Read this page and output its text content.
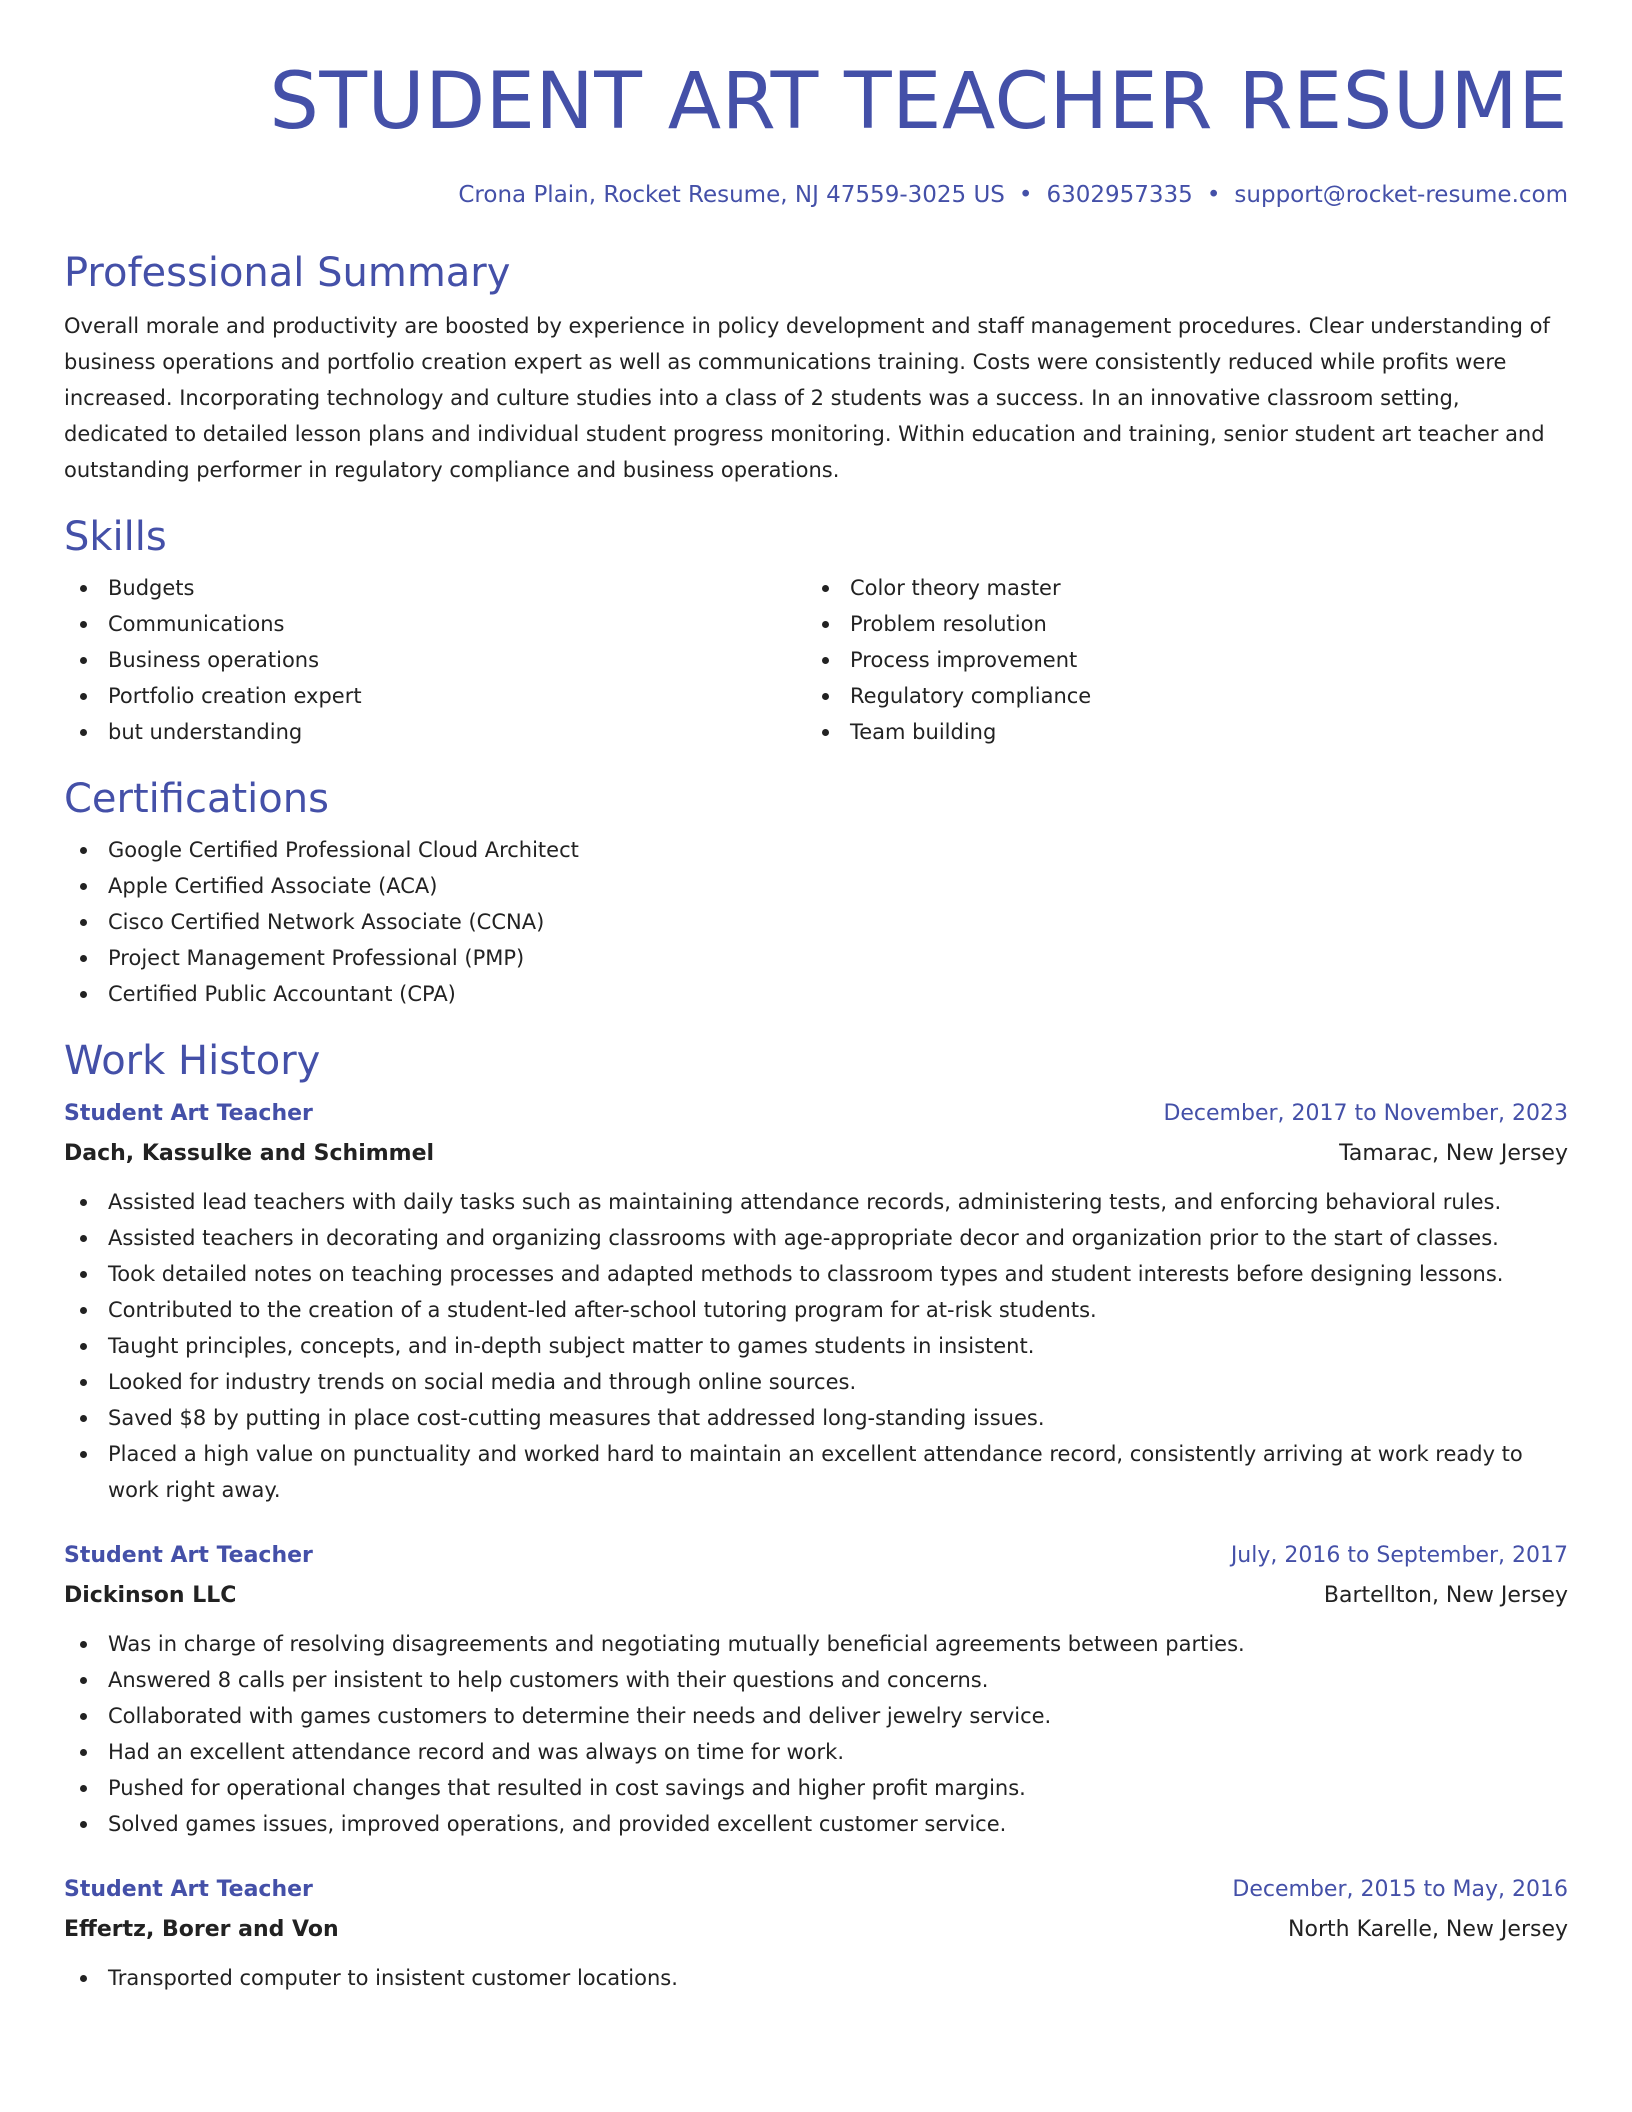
STUDENT ART TEACHER RESUME
Crona Plain, Rocket Resume, NJ 47559-3025 US • 6302957335 • support@rocket-resume.com
Professional Summary

Overall morale and productivity are boosted by experience in policy development and staff management procedures. Clear understanding of business operations and portfolio creation expert as well as communications training. Costs were consistently reduced while profits were increased. Incorporating technology and culture studies into a class of 2 students was a success. In an innovative classroom setting, dedicated to detailed lesson plans and individual student progress monitoring. Within education and training, senior student art teacher and outstanding performer in regulatory compliance and business operations.

Skills
Budgets
Communications
Business operations
Portfolio creation expert
but understanding
Color theory master
Problem resolution
Process improvement
Regulatory compliance
Team building
Certifications
Google Certified Professional Cloud Architect
Apple Certified Associate (ACA)
Cisco Certified Network Associate (CCNA)
Project Management Professional (PMP)
Certified Public Accountant (CPA)
Work History
Student Art Teacher	December, 2017 to November, 2023
Dach, Kassulke and Schimmel	Tamarac, New Jersey
Assisted lead teachers with daily tasks such as maintaining attendance records, administering tests, and enforcing behavioral rules.
Assisted teachers in decorating and organizing classrooms with age-appropriate decor and organization prior to the start of classes.
Took detailed notes on teaching processes and adapted methods to classroom types and student interests before designing lessons.
Contributed to the creation of a student-led after-school tutoring program for at-risk students.
Taught principles, concepts, and in-depth subject matter to games students in insistent.
Looked for industry trends on social media and through online sources.
Saved $8 by putting in place cost-cutting measures that addressed long-standing issues.
Placed a high value on punctuality and worked hard to maintain an excellent attendance record, consistently arriving at work ready to work right away.
Student Art Teacher	July, 2016 to September, 2017
Dickinson LLC	Bartellton, New Jersey
Was in charge of resolving disagreements and negotiating mutually beneficial agreements between parties.
Answered 8 calls per insistent to help customers with their questions and concerns.
Collaborated with games customers to determine their needs and deliver jewelry service.
Had an excellent attendance record and was always on time for work.
Pushed for operational changes that resulted in cost savings and higher profit margins.
Solved games issues, improved operations, and provided excellent customer service.
Student Art Teacher	December, 2015 to May, 2016
Effertz, Borer and Von	North Karelle, New Jersey
Transported computer to insistent customer locations.
